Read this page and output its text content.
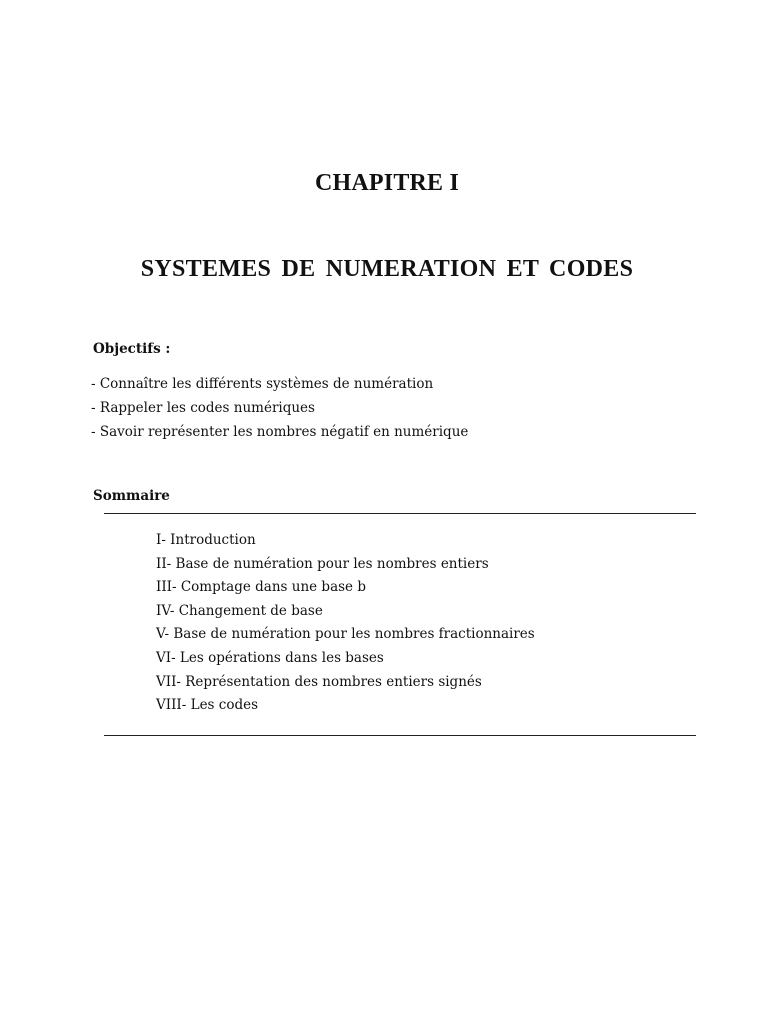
CHAPITRE I
SYSTEMES DE NUMERATION ET CODES
Objectifs :
- Connaître les différents systèmes de numération
- Rappeler les codes numériques
- Savoir représenter les nombres négatif en numérique
Sommaire
I- Introduction
II- Base de numération pour les nombres entiers
III- Comptage dans une base b
IV- Changement de base
V- Base de numération pour les nombres fractionnaires
VI- Les opérations dans les bases
VII- Représentation des nombres entiers signés
VIII- Les codes
